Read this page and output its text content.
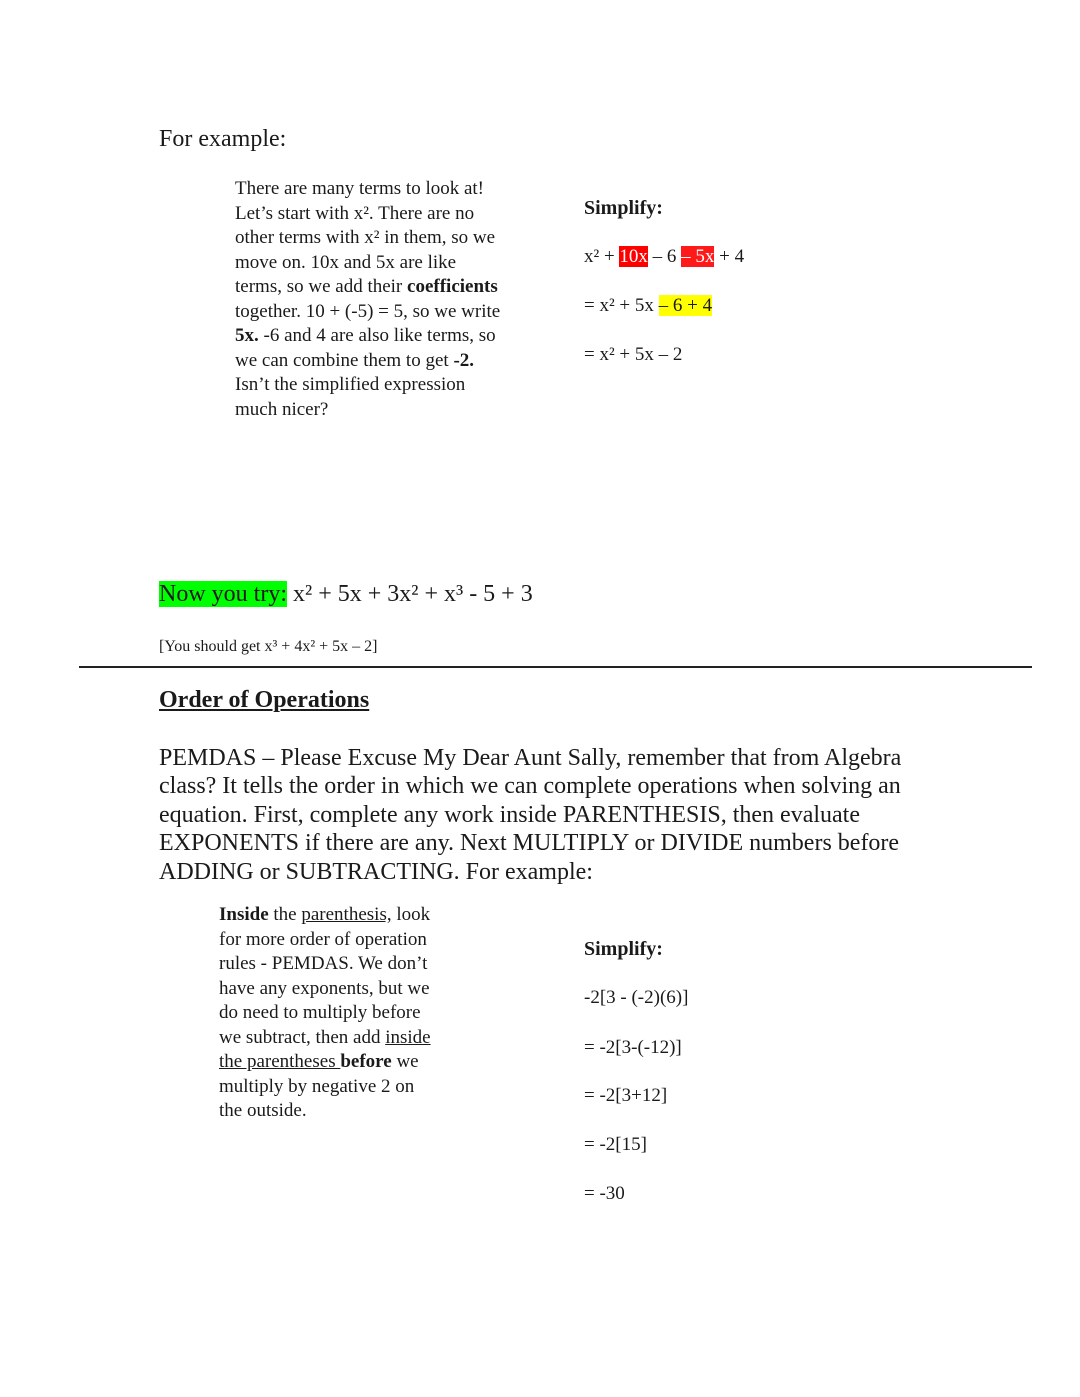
For example:
There are many terms to look at! Let’s start with x². There are no other terms with x² in them, so we move on. 10x and 5x are like terms, so we add their coefficients together. 10 + (-5) = 5, so we write 5x. -6 and 4 are also like terms, so we can combine them to get -2. Isn’t the simplified expression much nicer?
Simplify:
x² + 10x – 6 – 5x + 4
= x² + 5x – 6 + 4
= x² + 5x – 2
Now you try: x² + 5x + 3x² + x³ - 5 + 3
[You should get x³ + 4x² + 5x – 2]
Order of Operations
PEMDAS – Please Excuse My Dear Aunt Sally, remember that from Algebra class? It tells the order in which we can complete operations when solving an equation. First, complete any work inside PARENTHESIS, then evaluate EXPONENTS if there are any. Next MULTIPLY or DIVIDE numbers before ADDING or SUBTRACTING. For example:
Inside the parenthesis, look for more order of operation rules - PEMDAS. We don’t have any exponents, but we do need to multiply before we subtract, then add inside the parentheses before we multiply by negative 2 on the outside.
Simplify:
-2[3 - (-2)(6)]
= -2[3-(-12)]
= -2[3+12]
= -2[15]
= -30
